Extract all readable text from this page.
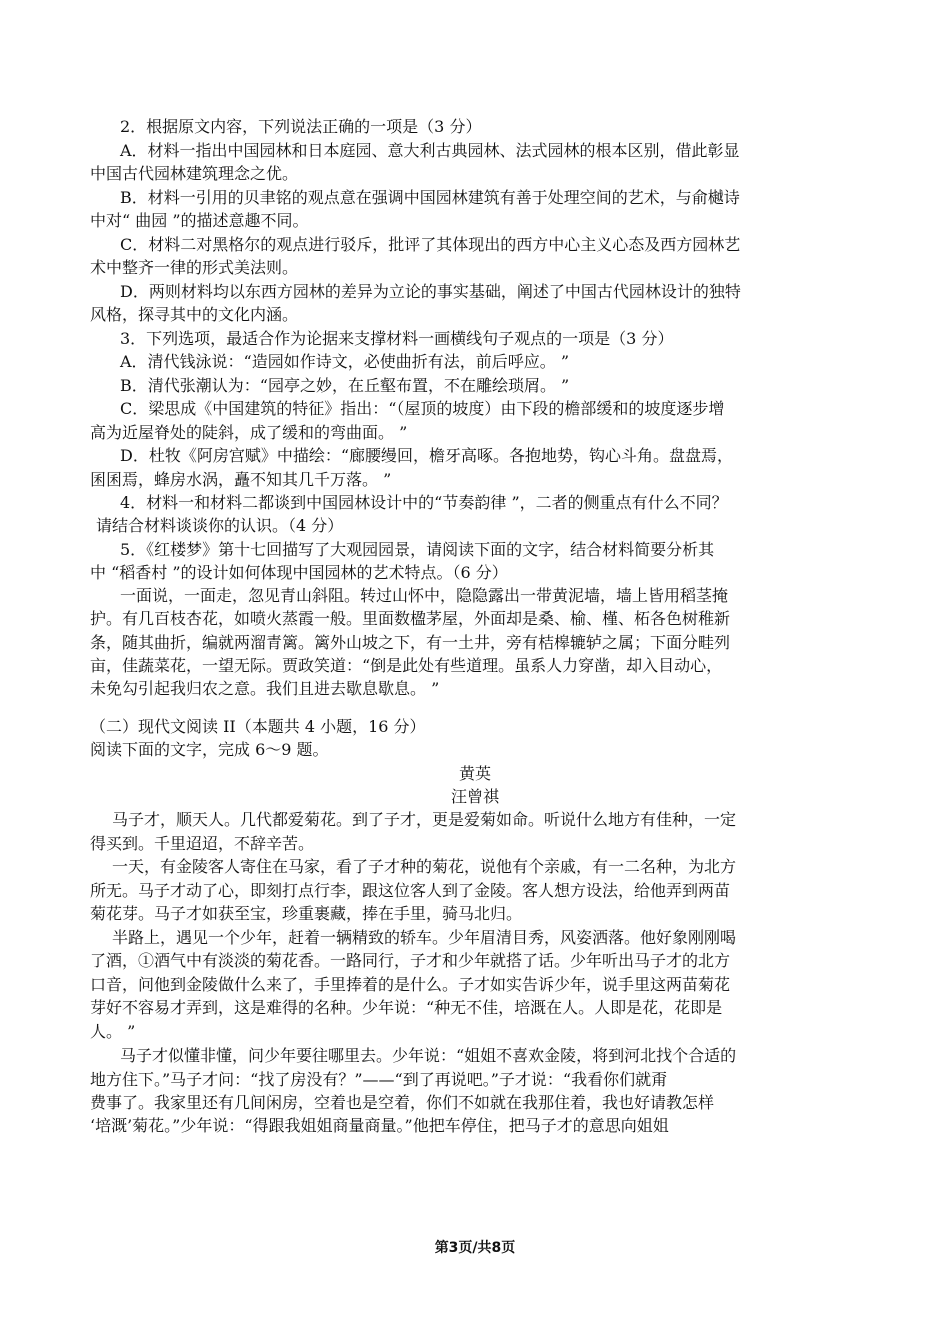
2．根据原文内容，下列说法正确的一项是（3 分）
A．材料一指出中国园林和日本庭园、意大利古典园林、法式园林的根本区别，借此彰显
中国古代园林建筑理念之优。
B．材料一引用的贝聿铭的观点意在强调中国园林建筑有善于处理空间的艺术，与俞樾诗
中对“ 曲园 ”的描述意趣不同。
C．材料二对黑格尔的观点进行驳斥，批评了其体现出的西方中心主义心态及西方园林艺
术中整齐一律的形式美法则。
D．两则材料均以东西方园林的差异为立论的事实基础，阐述了中国古代园林设计的独特
风格，探寻其中的文化内涵。
3．下列选项，最适合作为论据来支撑材料一画横线句子观点的一项是（3 分）
A．清代钱泳说：“造园如作诗文，必使曲折有法，前后呼应。 ”
B．清代张潮认为：“园亭之妙，在丘壑布置，不在雕绘琐屑。 ”
C．梁思成《中国建筑的特征》指出：“（屋顶的坡度）由下段的檐部缓和的坡度逐步增
高为近屋脊处的陡斜，成了缓和的弯曲面。 ”
D．杜牧《阿房宫赋》中描绘：“廊腰缦回，檐牙高啄。各抱地势，钩心斗角。盘盘焉，
囷囷焉，蜂房水涡，矗不知其几千万落。 ”
4．材料一和材料二都谈到中国园林设计中的“节奏韵律 ”，二者的侧重点有什么不同？
请结合材料谈谈你的认识。（4 分）
5．《红楼梦》第十七回描写了大观园园景，请阅读下面的文字，结合材料简要分析其
中 “稻香村 ”的设计如何体现中国园林的艺术特点。（6 分）
一面说，一面走，忽见青山斜阻。转过山怀中，隐隐露出一带黄泥墙，墙上皆用稻茎掩
护。有几百枝杏花，如喷火蒸霞一般。里面数楹茅屋，外面却是桑、榆、槿、柘各色树稚新
条，随其曲折，编就两溜青篱。篱外山坡之下，有一土井，旁有桔槔辘轳之属；下面分畦列
亩，佳蔬菜花，一望无际。贾政笑道：“倒是此处有些道理。虽系人力穿凿，却入目动心，
未免勾引起我归农之意。我们且进去歇息歇息。 ”
（二）现代文阅读 II（本题共 4 小题，16 分）
阅读下面的文字，完成 6～9 题。
黄英
汪曾祺
马子才，顺天人。几代都爱菊花。到了子才，更是爱菊如命。听说什么地方有佳种，一定
得买到。千里迢迢，不辞辛苦。
一天，有金陵客人寄住在马家，看了子才种的菊花，说他有个亲戚，有一二名种，为北方
所无。马子才动了心，即刻打点行李，跟这位客人到了金陵。客人想方设法，给他弄到两苗
菊花芽。马子才如获至宝，珍重裹藏，捧在手里，骑马北归。
半路上，遇见一个少年，赶着一辆精致的轿车。少年眉清目秀，风姿洒落。他好象刚刚喝
了酒，①酒气中有淡淡的菊花香。一路同行，子才和少年就搭了话。少年听出马子才的北方
口音，问他到金陵做什么来了，手里捧着的是什么。子才如实告诉少年，说手里这两苗菊花
芽好不容易才弄到，这是难得的名种。少年说：“种无不佳，培溉在人。人即是花，花即是
人。 ”
马子才似懂非懂，问少年要往哪里去。少年说：“姐姐不喜欢金陵，将到河北找个合适的
地方住下。”马子才问：“找了房没有？”——“到了再说吧。”子才说：“我看你们就甭
费事了。我家里还有几间闲房，空着也是空着，你们不如就在我那住着，我也好请教怎样
‘培溉’菊花。”少年说：“得跟我姐姐商量商量。”他把车停住，把马子才的意思向姐姐
第3页/共8页
